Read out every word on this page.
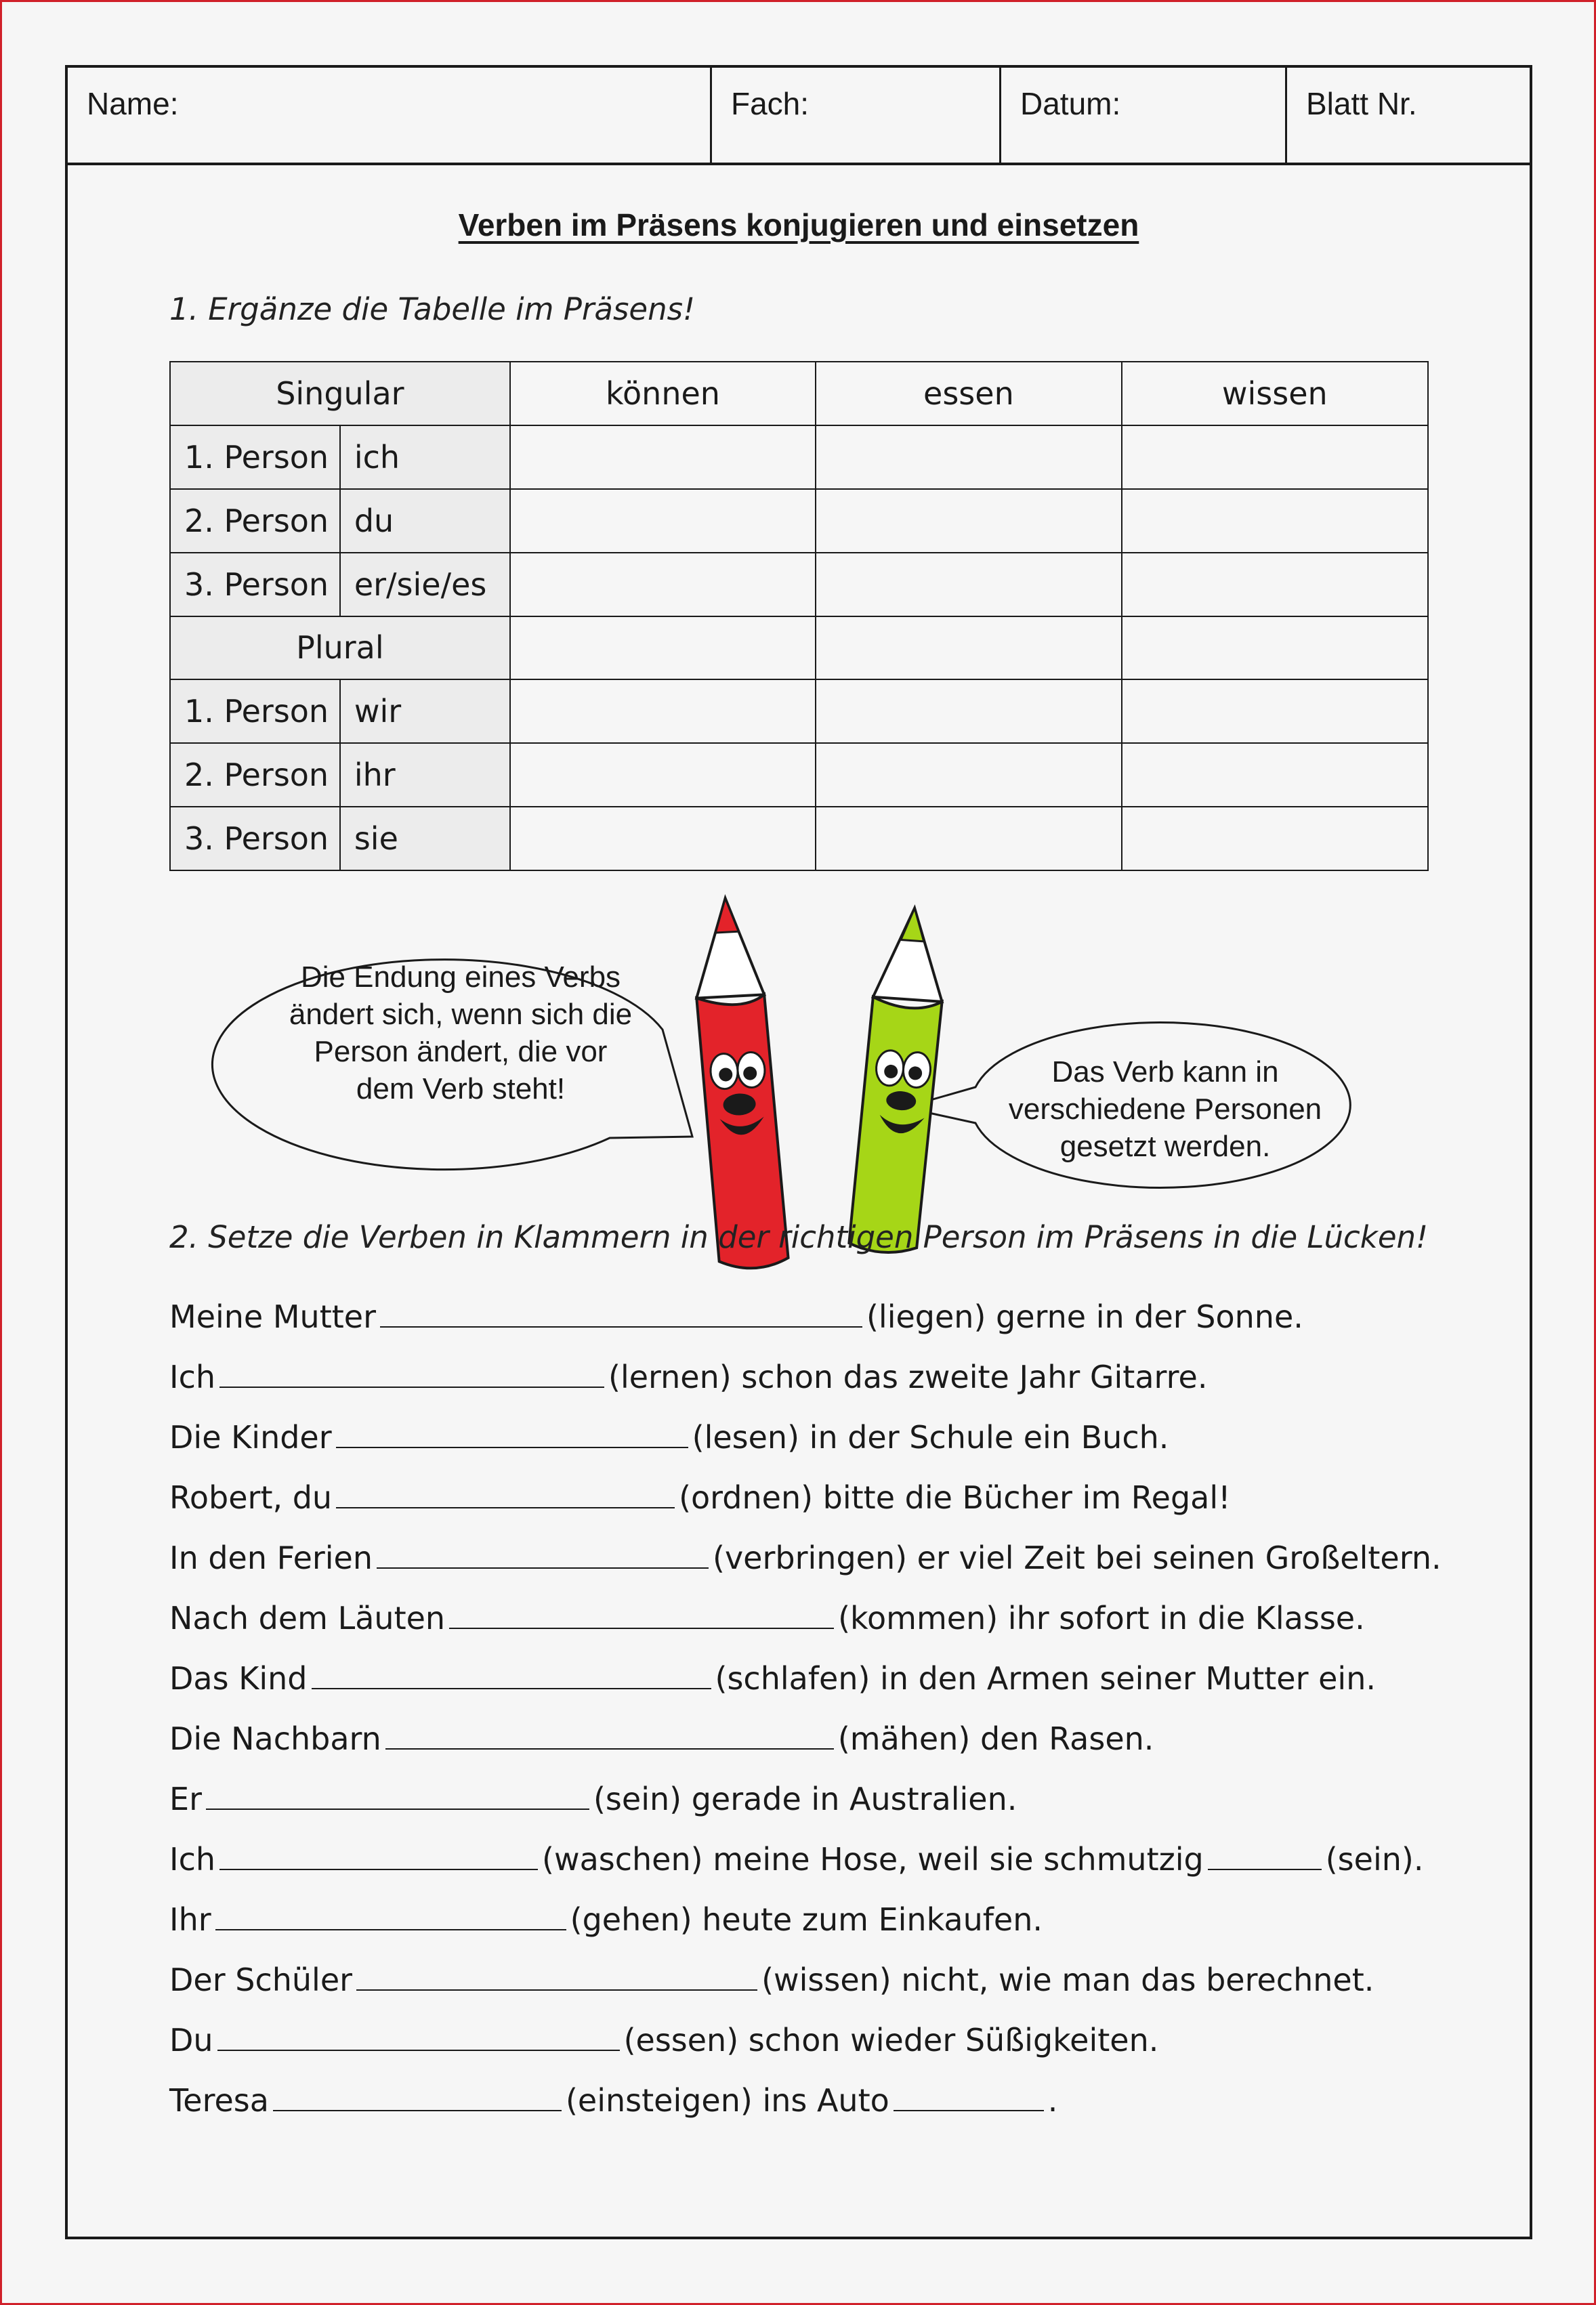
Name:	Fach:	Datum:	Blatt Nr.
Verben im Präsens konjugieren und einsetzen
1. Ergänze die Tabelle im Präsens!
Singular		können	essen	wissen
1. Person	ich			
2. Person	du			
3. Person	er/sie/es			
Plural				
1. Person	wir			
2. Person	ihr			
3. Person	sie			
Die Endung eines Verbs
ändert sich, wenn sich die
Person ändert, die vor
dem Verb steht!
Das Verb kann in
verschiedene Personen
gesetzt werden.
2. Setze die Verben in Klammern in der richtigen Person im Präsens in die Lücken!
Meine Mutter	(liegen) gerne in der Sonne.
Ich	(lernen) schon das zweite Jahr Gitarre.
Die Kinder	(lesen) in der Schule ein Buch.
Robert, du	(ordnen) bitte die Bücher im Regal!
In den Ferien	(verbringen) er viel Zeit bei seinen Großeltern.
Nach dem Läuten	(kommen) ihr sofort in die Klasse.
Das Kind	(schlafen) in den Armen seiner Mutter ein.
Die Nachbarn	(mähen) den Rasen.
Er	(sein) gerade in Australien.
Ich	(waschen) meine Hose, weil sie schmutzig	(sein).
Ihr	(gehen) heute zum Einkaufen.
Der Schüler	(wissen) nicht, wie man das berechnet.
Du	(essen) schon wieder Süßigkeiten.
Teresa	(einsteigen) ins Auto	.
